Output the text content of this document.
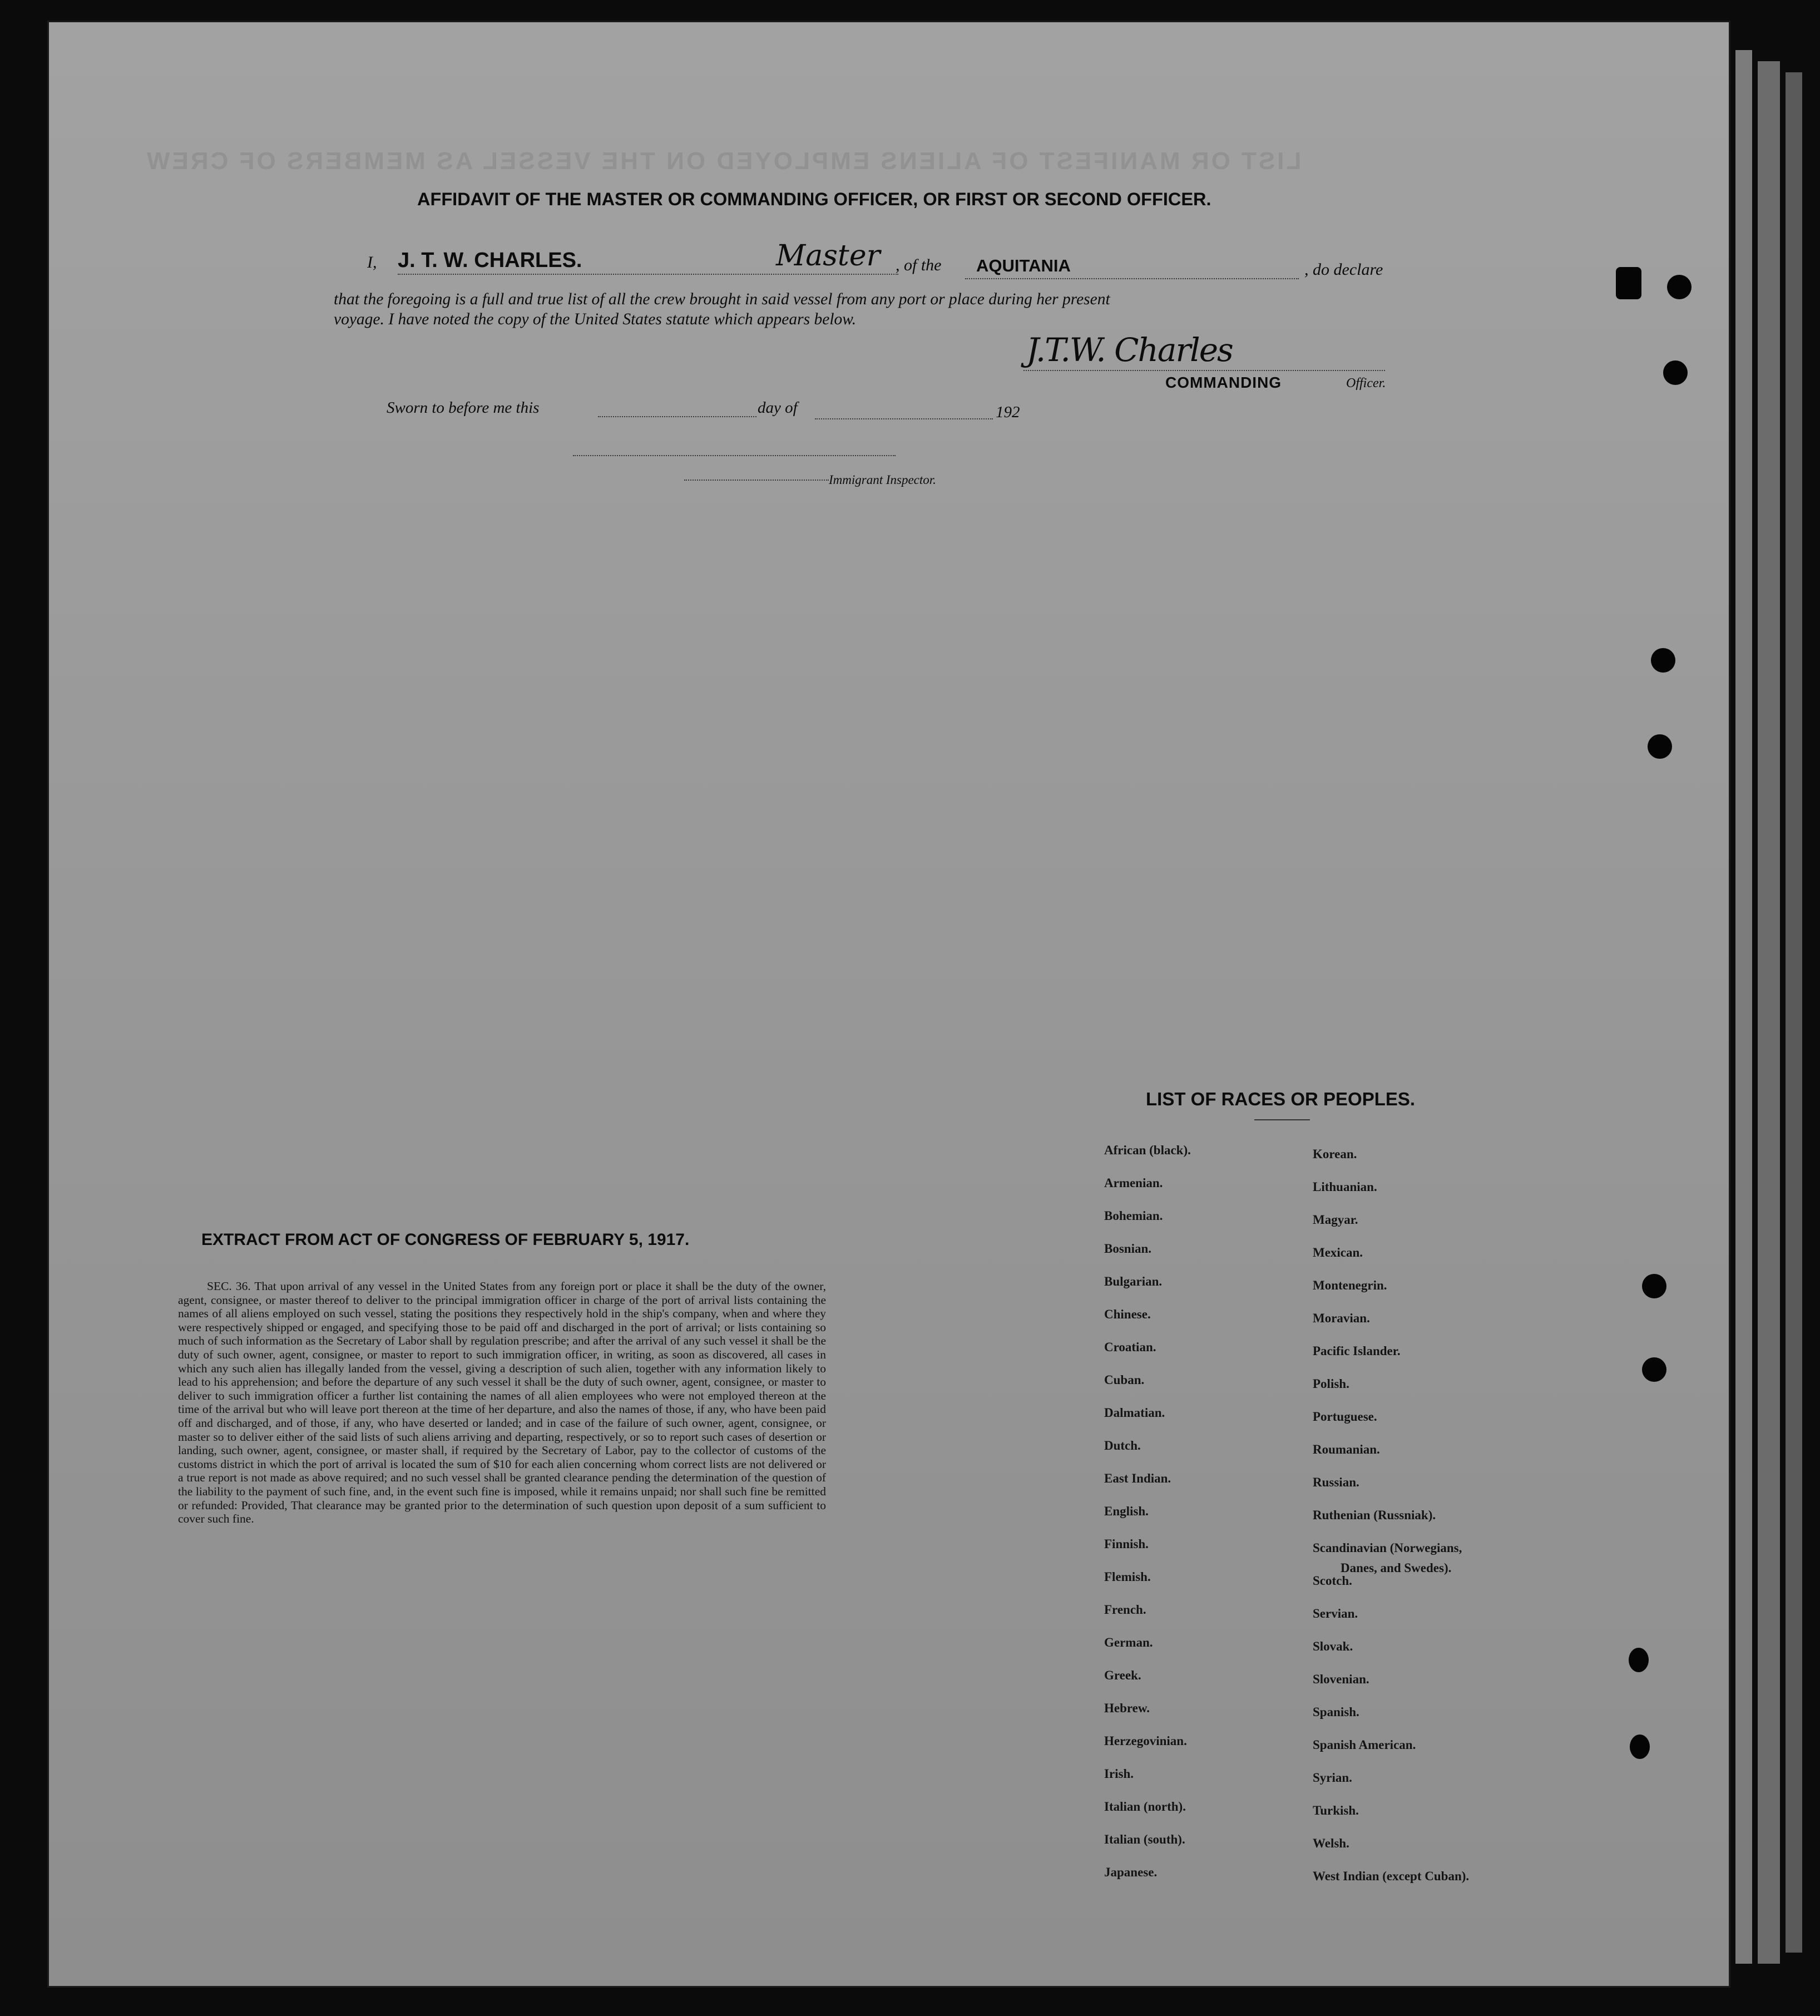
LIST OR MANIFEST OF ALIENS EMPLOYED ON THE VESSEL AS MEMBERS OF CREW
AFFIDAVIT OF THE MASTER OR COMMANDING OFFICER, OR FIRST OR SECOND OFFICER.
I, J. T. W. CHARLES.	Master , of the AQUITANIA	, do declare
that the foregoing is a full and true list of all the crew brought in said vessel from any port or place during her present
voyage. I have noted the copy of the United States statute which appears below.
J.T.W. Charles
COMMANDING	Officer.
Sworn to before me this	day of	192
Immigrant Inspector.
LIST OF RACES OR PEOPLES.
African (black).
Armenian.
Bohemian.
Bosnian.
Bulgarian.
Chinese.
Croatian.
Cuban.
Dalmatian.
Dutch.
East Indian.
English.
Finnish.
Flemish.
French.
German.
Greek.
Hebrew.
Herzegovinian.
Irish.
Italian (north).
Italian (south).
Japanese.
Korean.
Lithuanian.
Magyar.
Mexican.
Montenegrin.
Moravian.
Pacific Islander.
Polish.
Portuguese.
Roumanian.
Russian.
Ruthenian (Russniak).
Scandinavian (Norwegians,
Scotch.
Servian.
Slovak.
Slovenian.
Spanish.
Spanish American.
Syrian.
Turkish.
Welsh.
West Indian (except Cuban).
Danes, and Swedes).
EXTRACT FROM ACT OF CONGRESS OF FEBRUARY 5, 1917.
SEC. 36. That upon arrival of any vessel in the United States from any foreign port or place it shall be the duty of the owner, agent, consignee, or master thereof to deliver to the principal immigration officer in charge of the port of arrival lists containing the names of all aliens employed on such vessel, stating the positions they respectively hold in the ship's company, when and where they were respectively shipped or engaged, and specifying those to be paid off and discharged in the port of arrival; or lists containing so much of such information as the Secretary of Labor shall by regulation prescribe; and after the arrival of any such vessel it shall be the duty of such owner, agent, consignee, or master to report to such immigration officer, in writing, as soon as discovered, all cases in which any such alien has illegally landed from the vessel, giving a description of such alien, together with any information likely to lead to his apprehension; and before the departure of any such vessel it shall be the duty of such owner, agent, consignee, or master to deliver to such immigration officer a further list containing the names of all alien employees who were not employed thereon at the time of the arrival but who will leave port thereon at the time of her departure, and also the names of those, if any, who have been paid off and discharged, and of those, if any, who have deserted or landed; and in case of the failure of such owner, agent, consignee, or master so to deliver either of the said lists of such aliens arriving and departing, respectively, or so to report such cases of desertion or landing, such owner, agent, consignee, or master shall, if required by the Secretary of Labor, pay to the collector of customs of the customs district in which the port of arrival is located the sum of $10 for each alien concerning whom correct lists are not delivered or a true report is not made as above required; and no such vessel shall be granted clearance pending the determination of the question of the liability to the payment of such fine, and, in the event such fine is imposed, while it remains unpaid; nor shall such fine be remitted or refunded: Provided, That clearance may be granted prior to the determination of such question upon deposit of a sum sufficient to cover such fine.
